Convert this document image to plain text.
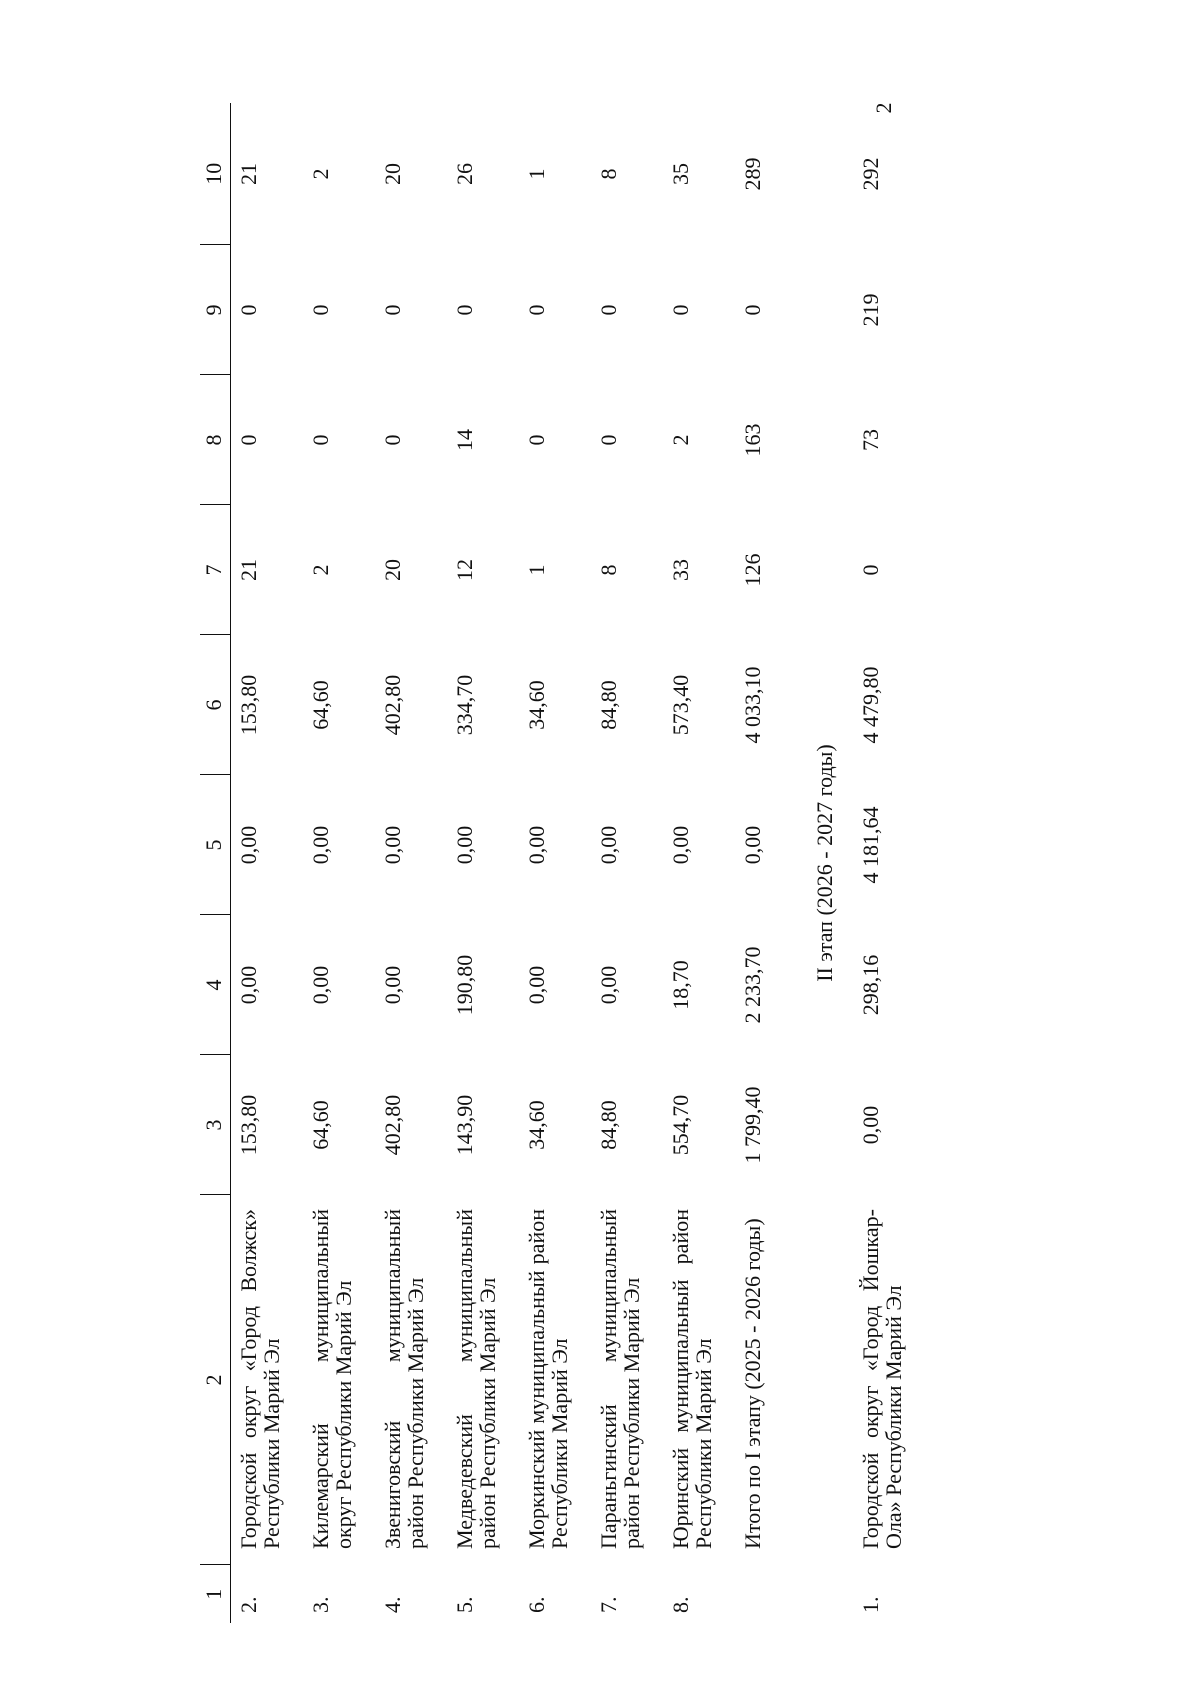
2
1	2	3	4	5	6	7	8	9	10
2.	Городской округ «Город Волжск» Республики Марий Эл	153,80	0,00	0,00	153,80	21	0	0	21
3.	Килемарский муниципальный округ Республики Марий Эл	64,60	0,00	0,00	64,60	2	0	0	2
4.	Звениговский муниципальный район Республики Марий Эл	402,80	0,00	0,00	402,80	20	0	0	20
5.	Медведевский муниципальный район Республики Марий Эл	143,90	190,80	0,00	334,70	12	14	0	26
6.	Моркинский муниципальный район Республики Марий Эл	34,60	0,00	0,00	34,60	1	0	0	1
7.	Параньгинский муниципальный район Республики Марий Эл	84,80	0,00	0,00	84,80	8	0	0	8
8.	Юринский муниципальный район Республики Марий Эл	554,70	18,70	0,00	573,40	33	2	0	35
	Итого по I этапу (2025 - 2026 годы)	1 799,40	2 233,70	0,00	4 033,10	126	163	0	289
II этап (2026 - 2027 годы)									
1.	Городской округ «Город Йошкар-Ола» Республики Марий Эл	0,00	298,16	4 181,64	4 479,80	0	73	219	292
